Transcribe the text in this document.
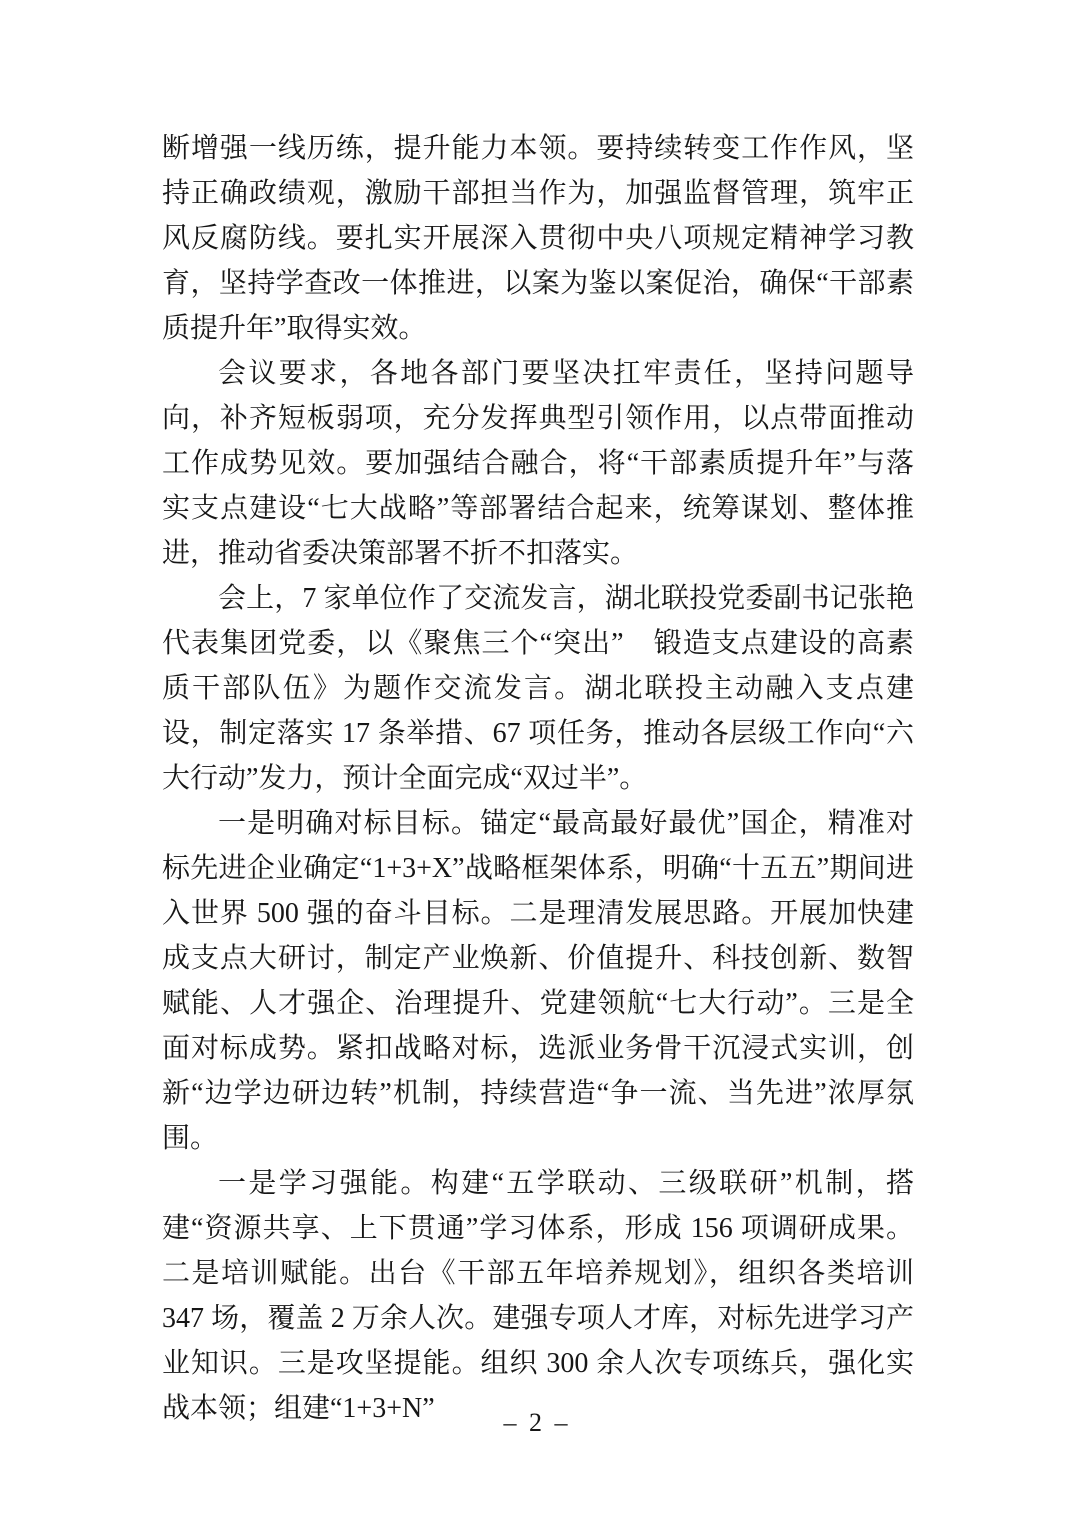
断增强一线历练，提升能力本领。要持续转变工作作风，坚持正确政绩观，激励干部担当作为，加强监督管理，筑牢正风反腐防线。要扎实开展深入贯彻中央八项规定精神学习教育，坚持学查改一体推进，以案为鉴以案促治，确保“干部素质提升年”取得实效。

会议要求，各地各部门要坚决扛牢责任，坚持问题导向，补齐短板弱项，充分发挥典型引领作用，以点带面推动工作成势见效。要加强结合融合，将“干部素质提升年”与落实支点建设“七大战略”等部署结合起来，统筹谋划、整体推进，推动省委决策部署不折不扣落实。

会上，7 家单位作了交流发言，湖北联投党委副书记张艳代表集团党委，以《聚焦三个“突出”　锻造支点建设的高素质干部队伍》为题作交流发言。湖北联投主动融入支点建设，制定落实 17 条举措、67 项任务，推动各层级工作向“六大行动”发力，预计全面完成“双过半”。

一是明确对标目标。锚定“最高最好最优”国企，精准对标先进企业确定“1+3+X”战略框架体系，明确“十五五”期间进入世界 500 强的奋斗目标。二是理清发展思路。开展加快建成支点大研讨，制定产业焕新、价值提升、科技创新、数智赋能、人才强企、治理提升、党建领航“七大行动”。三是全面对标成势。紧扣战略对标，选派业务骨干沉浸式实训，创新“边学边研边转”机制，持续营造“争一流、当先进”浓厚氛围。

一是学习强能。构建“五学联动、三级联研”机制，搭建“资源共享、上下贯通”学习体系，形成 156 项调研成果。二是培训赋能。出台《干部五年培养规划》，组织各类培训 347 场，覆盖 2 万余人次。建强专项人才库，对标先进学习产业知识。三是攻坚提能。组织 300 余人次专项练兵，强化实战本领；组建“1+3+N”	– 2 –
